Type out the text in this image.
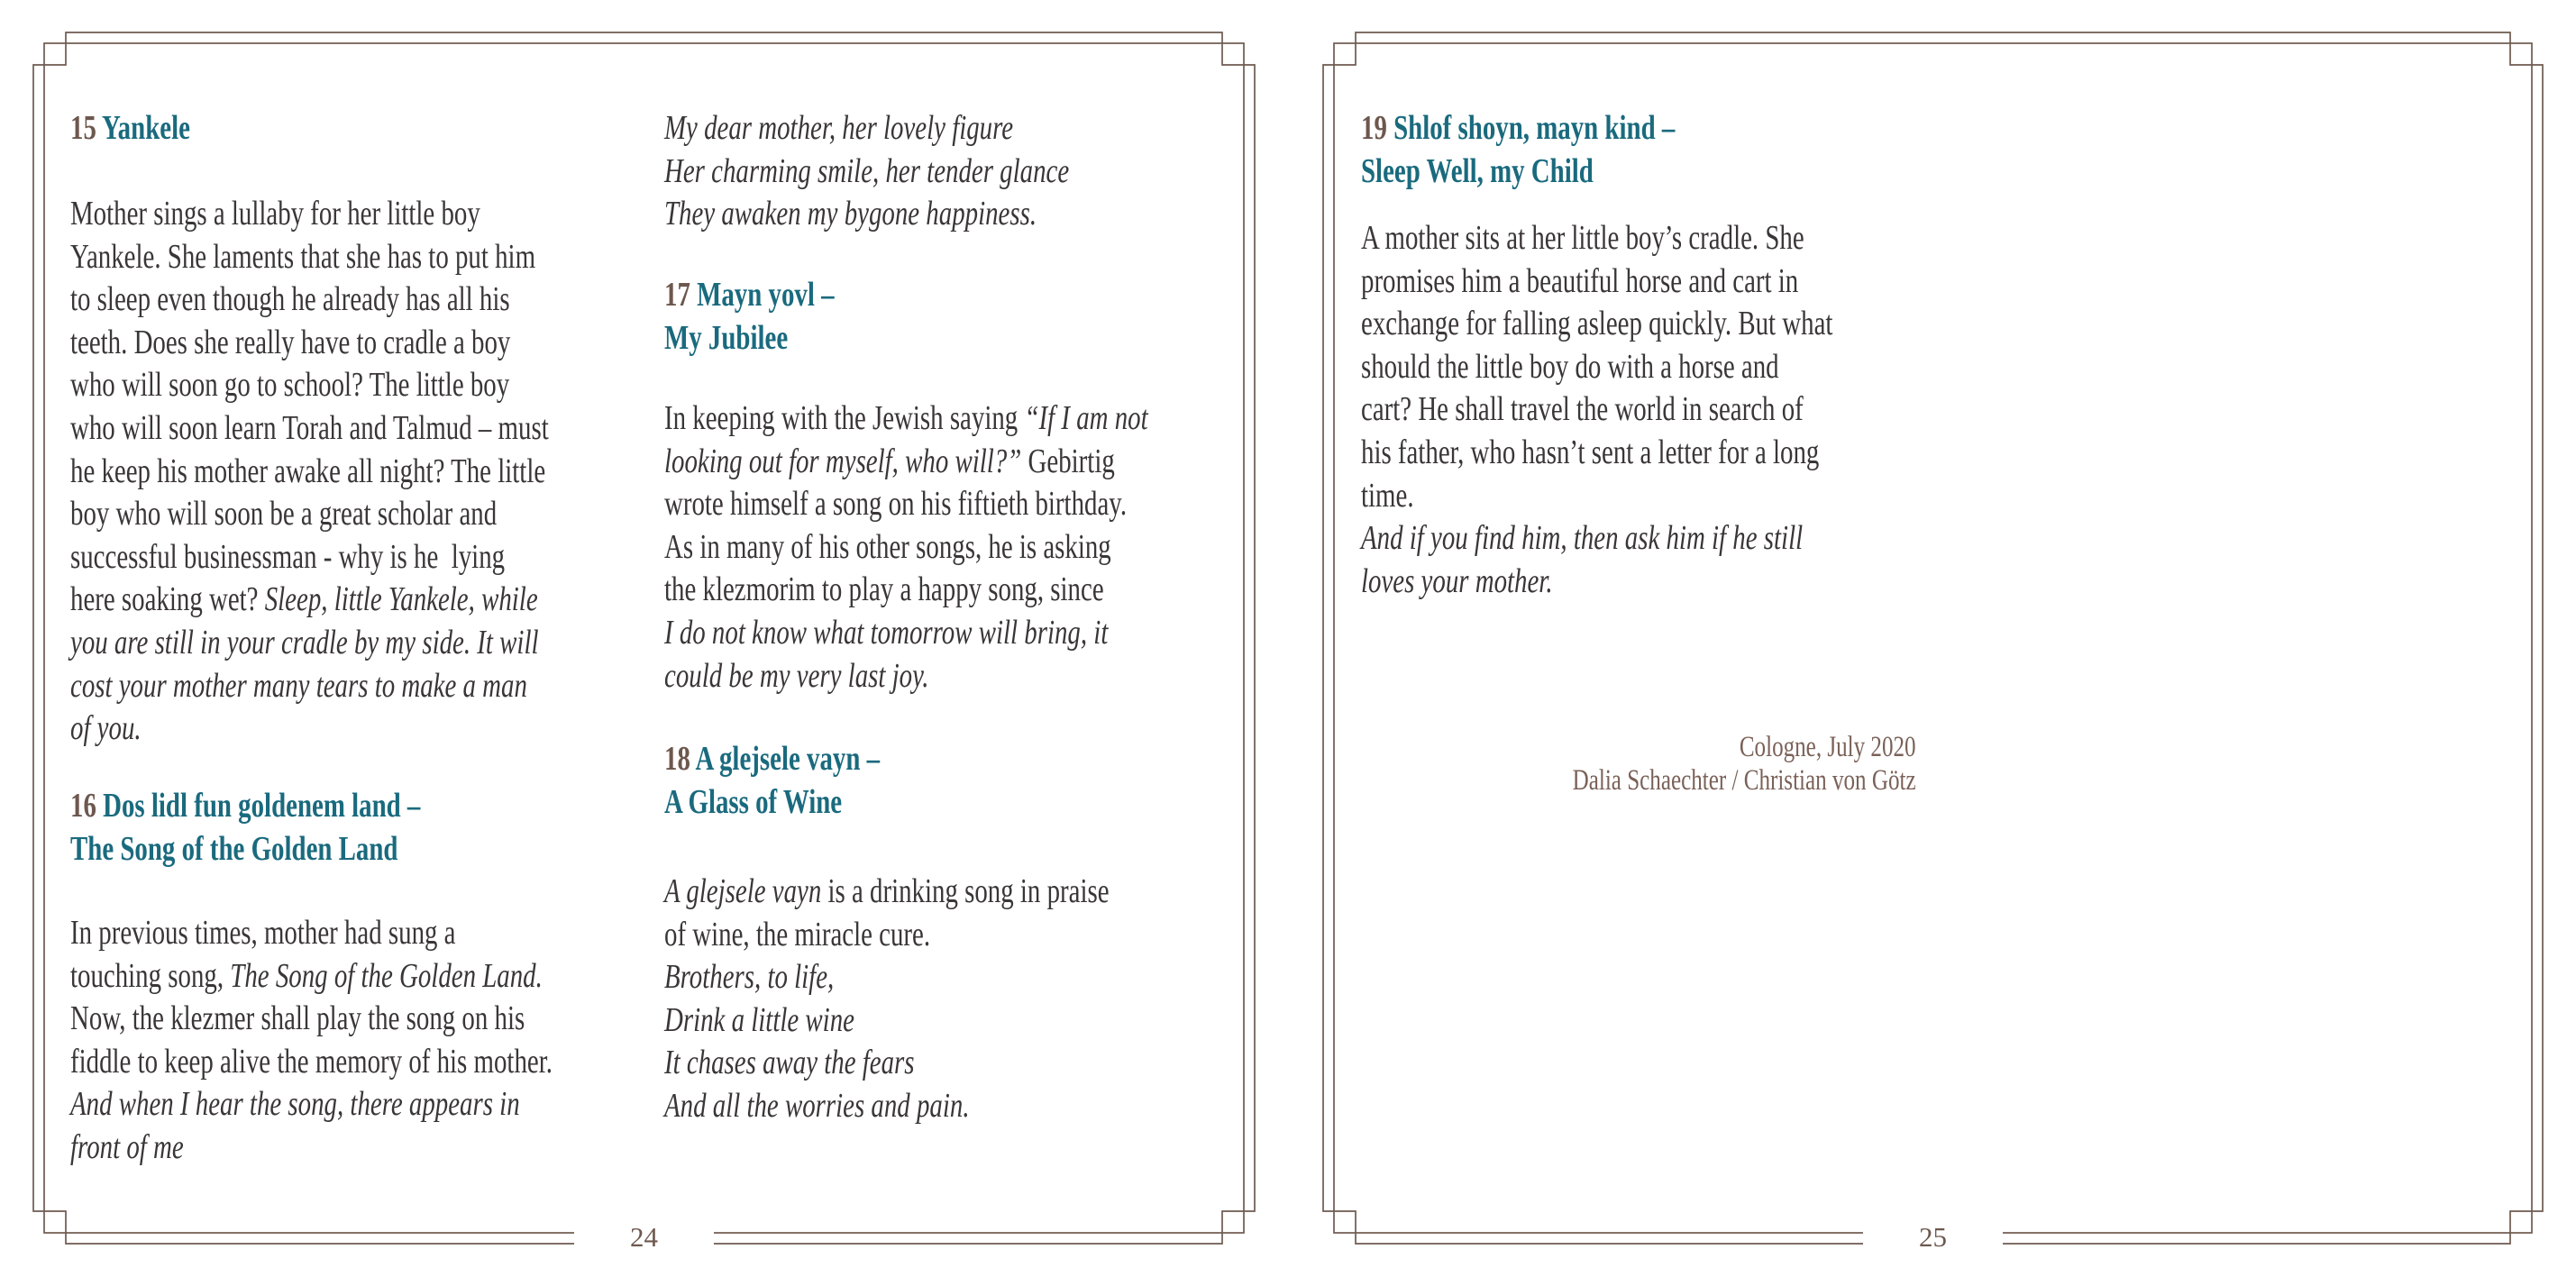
15 Yankele
Mother sings a lullaby for her little boy
Yankele. She laments that she has to put him
to sleep even though he already has all his
teeth. Does she really have to cradle a boy
who will soon go to school? The little boy
who will soon learn Torah and Talmud – must
he keep his mother awake all night? The little
boy who will soon be a great scholar and
successful businessman - why is he  lying
here soaking wet? Sleep, little Yankele, while
you are still in your cradle by my side. It will
cost your mother many tears to make a man
of you.
16 Dos lidl fun goldenem land –
The Song of the Golden Land
In previous times, mother had sung a
touching song, The Song of the Golden Land.
Now, the klezmer shall play the song on his
fiddle to keep alive the memory of his mother.
And when I hear the song, there appears in
front of me
My dear mother, her lovely figure
Her charming smile, her tender glance
They awaken my bygone happiness.
17 Mayn yovl –
My Jubilee
In keeping with the Jewish saying “If I am not
looking out for myself, who will?” Gebirtig
wrote himself a song on his fiftieth birthday.
As in many of his other songs, he is asking
the klezmorim to play a happy song, since
I do not know what tomorrow will bring, it
could be my very last joy.
18 A glejsele vayn –
A Glass of Wine
A glejsele vayn is a drinking song in praise
of wine, the miracle cure.
Brothers, to life,
Drink a little wine
It chases away the fears
And all the worries and pain.
19 Shlof shoyn, mayn kind –
Sleep Well, my Child
A mother sits at her little boy’s cradle. She
promises him a beautiful horse and cart in
exchange for falling asleep quickly. But what
should the little boy do with a horse and
cart? He shall travel the world in search of
his father, who hasn’t sent a letter for a long
time.
And if you find him, then ask him if he still
loves your mother.
Cologne, July 2020
Dalia Schaechter / Christian von Götz
24	25
